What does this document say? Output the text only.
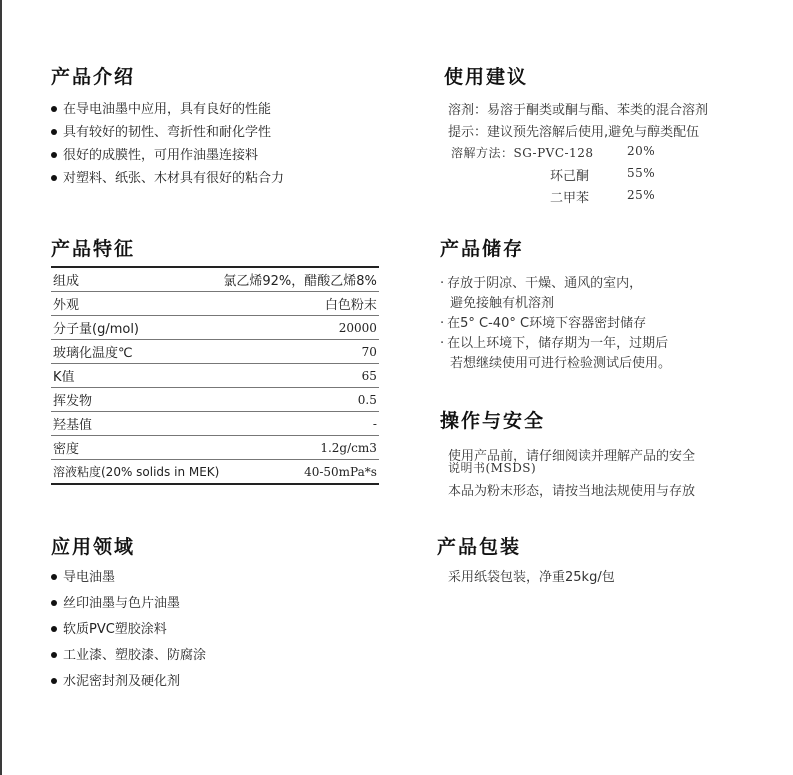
产品介绍
在导电油墨中应用，具有良好的性能
具有较好的韧性、弯折性和耐化学性
很好的成膜性，可用作油墨连接料
对塑料、纸张、木材具有很好的粘合力
产品特征
组成	氯乙烯92%，醋酸乙烯8%
外观	白色粉末
分子量(g/mol)	20000
玻璃化温度℃	70
K值	65
挥发物	0.5
羟基值	-
密度	1.2g/cm3
溶液粘度(20% solids in MEK)	40-50mPa*s
应用领域
导电油墨
丝印油墨与色片油墨
软质PVC塑胶涂料
工业漆、塑胶漆、防腐涂
水泥密封剂及硬化剂
使用建议
溶剂：易溶于酮类或酮与酯、苯类的混合溶剂
提示：建议预先溶解后使用,避免与醇类配伍
溶解方法：SG-PVC-128	20%
环己酮	55%
二甲苯	25%
产品储存
· 存放于阴凉、干燥、通风的室内，
避免接触有机溶剂
· 在5° C-40° C环境下容器密封储存
· 在以上环境下，储存期为一年，过期后
若想继续使用可进行检验测试后使用。
操作与安全
使用产品前，请仔细阅读并理解产品的安全
说明书(MSDS)
本品为粉末形态，请按当地法规使用与存放
产品包装
采用纸袋包装，净重25kg/包
